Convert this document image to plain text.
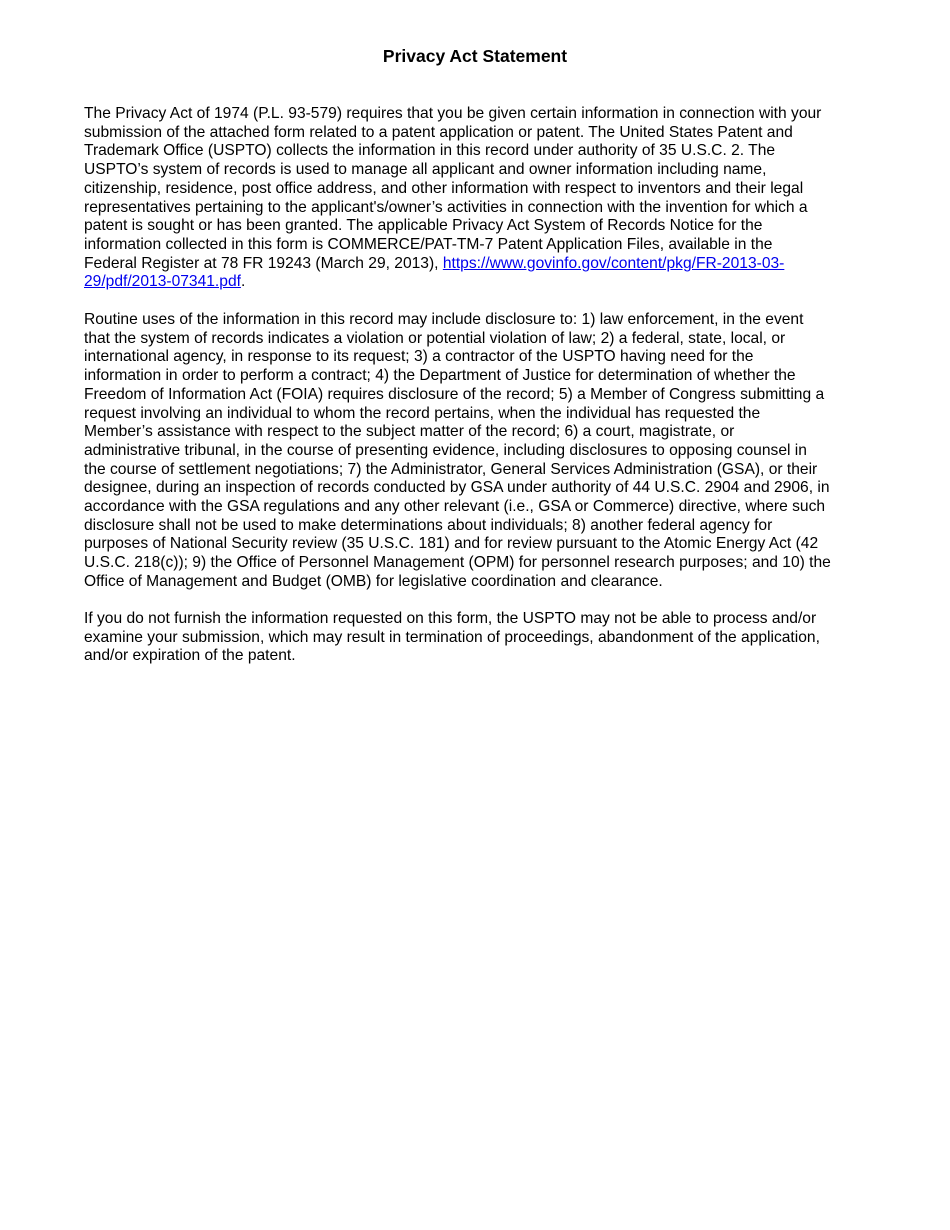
Privacy Act Statement

The Privacy Act of 1974 (P.L. 93-579) requires that you be given certain information in connection with your
submission of the attached form related to a patent application or patent. The United States Patent and
Trademark Office (USPTO) collects the information in this record under authority of 35 U.S.C. 2. The
USPTO’s system of records is used to manage all applicant and owner information including name,
citizenship, residence, post office address, and other information with respect to inventors and their legal
representatives pertaining to the applicant's/owner’s activities in connection with the invention for which a
patent is sought or has been granted. The applicable Privacy Act System of Records Notice for the
information collected in this form is COMMERCE/PAT-TM-7 Patent Application Files, available in the
Federal Register at 78 FR 19243 (March 29, 2013), https://www.govinfo.gov/content/pkg/FR-2013-03-
29/pdf/2013-07341.pdf.

Routine uses of the information in this record may include disclosure to: 1) law enforcement, in the event
that the system of records indicates a violation or potential violation of law; 2) a federal, state, local, or
international agency, in response to its request; 3) a contractor of the USPTO having need for the
information in order to perform a contract; 4) the Department of Justice for determination of whether the
Freedom of Information Act (FOIA) requires disclosure of the record; 5) a Member of Congress submitting a
request involving an individual to whom the record pertains, when the individual has requested the
Member’s assistance with respect to the subject matter of the record; 6) a court, magistrate, or
administrative tribunal, in the course of presenting evidence, including disclosures to opposing counsel in
the course of settlement negotiations; 7) the Administrator, General Services Administration (GSA), or their
designee, during an inspection of records conducted by GSA under authority of 44 U.S.C. 2904 and 2906, in
accordance with the GSA regulations and any other relevant (i.e., GSA or Commerce) directive, where such
disclosure shall not be used to make determinations about individuals; 8) another federal agency for
purposes of National Security review (35 U.S.C. 181) and for review pursuant to the Atomic Energy Act (42
U.S.C. 218(c)); 9) the Office of Personnel Management (OPM) for personnel research purposes; and 10) the
Office of Management and Budget (OMB) for legislative coordination and clearance.

If you do not furnish the information requested on this form, the USPTO may not be able to process and/or
examine your submission, which may result in termination of proceedings, abandonment of the application,
and/or expiration of the patent.
